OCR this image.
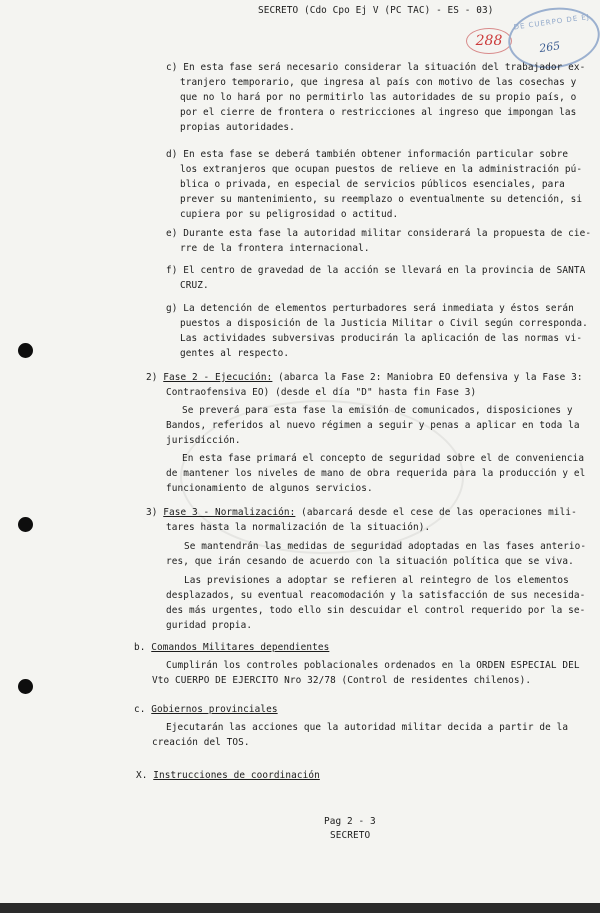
SECRETO (Cdo Cpo Ej V (PC TAC) - ES - 03)

288
DE CUERPO DE EJ
265

c) En esta fase será necesario considerar la situación del trabajador ex-

tranjero temporario, que ingresa al país con motivo de las cosechas y

que no lo hará por no permitirlo las autoridades de su propio país, o

por el cierre de frontera o restricciones al ingreso que impongan las

propias autoridades.

d) En esta fase se deberá también obtener información particular sobre

los extranjeros que ocupan puestos de relieve en la administración pú-

blica o privada, en especial de servicios públicos esenciales, para

prever su mantenimiento, su reemplazo o eventualmente su detención, si

cupiera por su peligrosidad o actitud.

e) Durante esta fase la autoridad militar considerará la propuesta de cie-

rre de la frontera internacional.

f) El centro de gravedad de la acción se llevará en la provincia de SANTA

CRUZ.

g) La detención de elementos perturbadores será inmediata y éstos serán

puestos a disposición de la Justicia Militar o Civil según corresponda.

Las actividades subversivas producirán la aplicación de las normas vi-

gentes al respecto.

2) Fase 2 - Ejecución: (abarca la Fase 2: Maniobra EO defensiva y la Fase 3:

Contraofensiva EO) (desde el día "D" hasta fin Fase 3)

Se preverá para esta fase la emisión de comunicados, disposiciones y

Bandos, referidos al nuevo régimen a seguir y penas a aplicar en toda la

jurisdicción.

En esta fase primará el concepto de seguridad sobre el de conveniencia

de mantener los niveles de mano de obra requerida para la producción y el

funcionamiento de algunos servicios.

3) Fase 3 - Normalización: (abarcará desde el cese de las operaciones mili-

tares hasta la normalización de la situación).

Se mantendrán las medidas de seguridad adoptadas en las fases anterio-

res, que irán cesando de acuerdo con la situación política que se viva.

Las previsiones a adoptar se refieren al reintegro de los elementos

desplazados, su eventual reacomodación y la satisfacción de sus necesida-

des más urgentes, todo ello sin descuidar el control requerido por la se-

guridad propia.

b. Comandos Militares dependientes

Cumplirán los controles poblacionales ordenados en la ORDEN ESPECIAL DEL

Vto CUERPO DE EJERCITO Nro 32/78 (Control de residentes chilenos).

c. Gobiernos provinciales

Ejecutarán las acciones que la autoridad militar decida a partir de la

creación del TOS.

X. Instrucciones de coordinación

Pag 2 - 3

SECRETO
